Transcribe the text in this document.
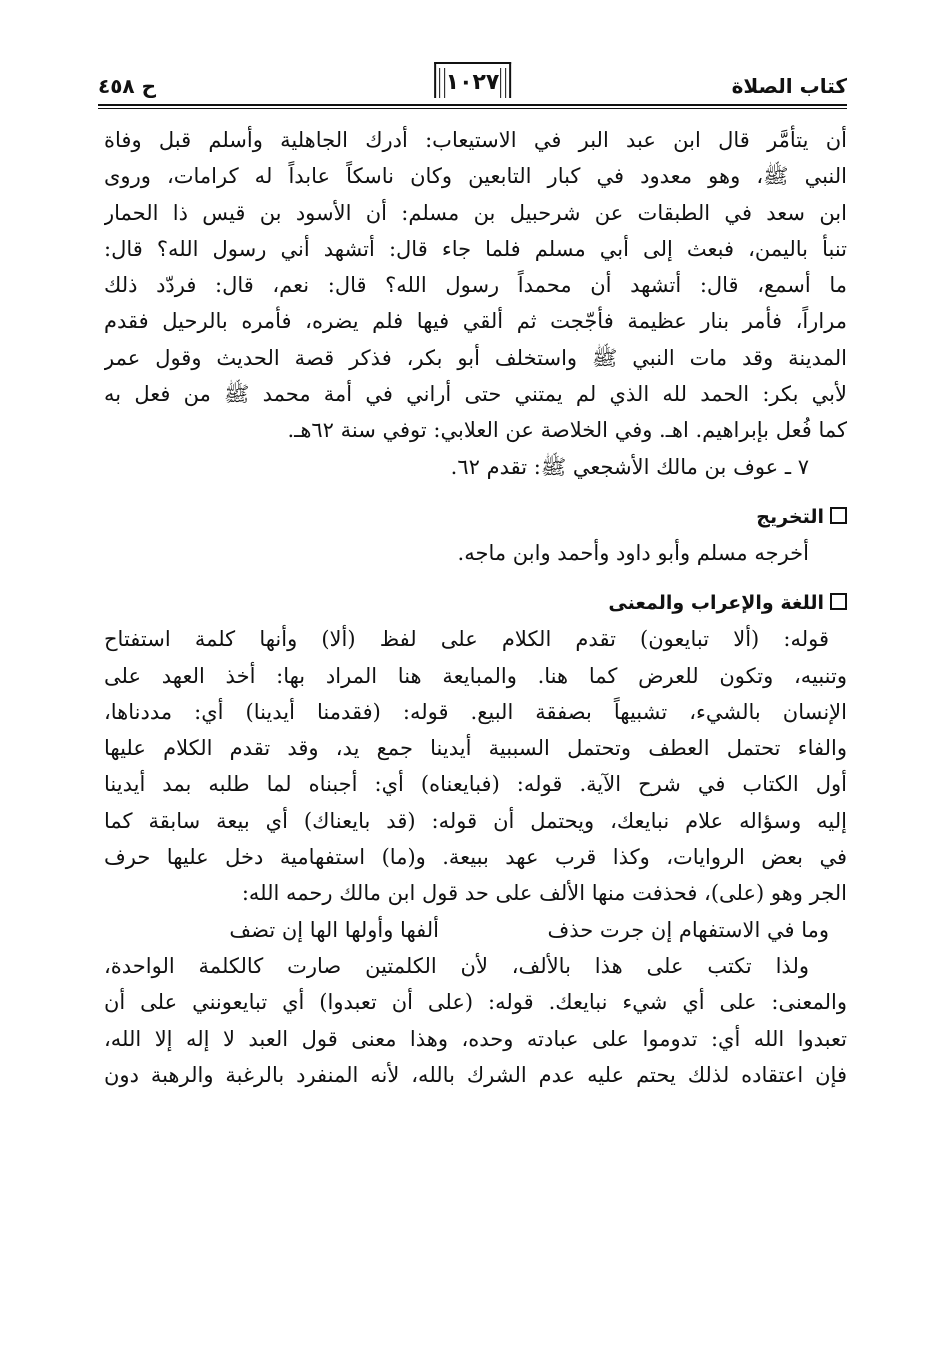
كتاب الصلاة
١٠٢٧
ح ٤٥٨
أن يتأمَّر قال ابن عبد البر في الاستيعاب: أدرك الجاهلية وأسلم قبل وفاة
النبي ﷺ، وهو معدود في كبار التابعين وكان ناسكاً عابداً له كرامات، وروى
ابن سعد في الطبقات عن شرحبيل بن مسلم: أن الأسود بن قيس ذا الحمار
تنبأ باليمن، فبعث إلى أبي مسلم فلما جاء قال: أتشهد أني رسول الله؟ قال:
ما أسمع، قال: أتشهد أن محمداً رسول الله؟ قال: نعم، قال: فردّد ذلك
مراراً، فأمر بنار عظيمة فأجّجت ثم ألقي فيها فلم يضره، فأمره بالرحيل فقدم
المدينة وقد مات النبي ﷺ واستخلف أبو بكر، فذكر قصة الحديث وقول عمر
لأبي بكر: الحمد لله الذي لم يمتني حتى أراني في أمة محمد ﷺ من فعل به
كما فُعل بإبراهيم. اهـ. وفي الخلاصة عن العلابي: توفي سنة ٦٢هـ.
٧ ـ عوف بن مالك الأشجعي ﷺ: تقدم ٦٢.
التخريج
أخرجه مسلم وأبو داود وأحمد وابن ماجه.
اللغة والإعراب والمعنى
قوله: (ألا تبايعون) تقدم الكلام على لفظ (ألا) وأنها كلمة استفتاح
وتنبيه، وتكون للعرض كما هنا. والمبايعة هنا المراد بها: أخذ العهد على
الإنسان بالشيء، تشبيهاً بصفقة البيع. قوله: (فقدمنا أيدينا) أي: مددناها،
والفاء تحتمل العطف وتحتمل السببية أيدينا جمع يد، وقد تقدم الكلام عليها
أول الكتاب في شرح الآية. قوله: (فبايعناه) أي: أجبناه لما طلبه بمد أيدينا
إليه وسؤاله علام نبايعك، ويحتمل أن قوله: (قد بايعناك) أي بيعة سابقة كما
في بعض الروايات، وكذا قرب عهد ببيعة. و(ما) استفهامية دخل عليها حرف
الجر وهو (على)، فحذفت منها الألف على حد قول ابن مالك رحمه الله:
وما في الاستفهام إن جرت حذفألفها وأولها الها إن تضف
ولذا تكتب على هذا بالألف، لأن الكلمتين صارت كالكلمة الواحدة،
والمعنى: على أي شيء نبايعك. قوله: (على أن تعبدوا) أي تبايعونني على أن
تعبدوا الله أي: تدوموا على عبادته وحده، وهذا معنى قول العبد لا إله إلا الله،
فإن اعتقاده لذلك يحتم عليه عدم الشرك بالله، لأنه المنفرد بالرغبة والرهبة دون
